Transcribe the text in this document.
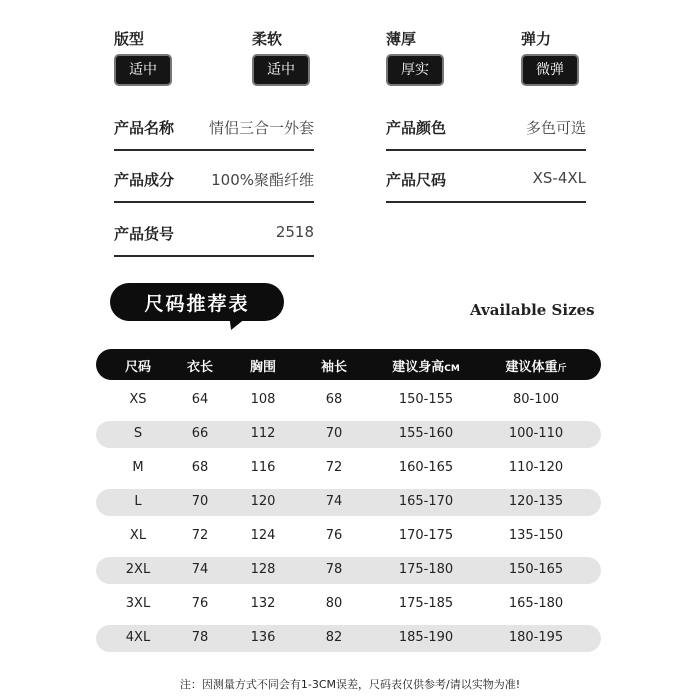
版型
适中
柔软
适中
薄厚
厚实
弹力
微弹
产品名称 情侣三合一外套	产品颜色	多色可选
产品成分 100%聚酯纤维	产品尺码	XS-4XL
产品货号	2518
尺码推荐表	Available Sizes
尺码	衣长	胸围	袖长	建议身高CM	建议体重斤
XS	64	108	68	150-155	80-100
S	66	112	70	155-160	100-110
M	68	116	72	160-165	110-120
L	70	120	74	165-170	120-135
XL	72	124	76	170-175	135-150
2XL	74	128	78	175-180	150-165
3XL	76	132	80	175-185	165-180
4XL	78	136	82	185-190	180-195
注：因测量方式不同会有1-3CM误差，尺码表仅供参考/请以实物为准!
